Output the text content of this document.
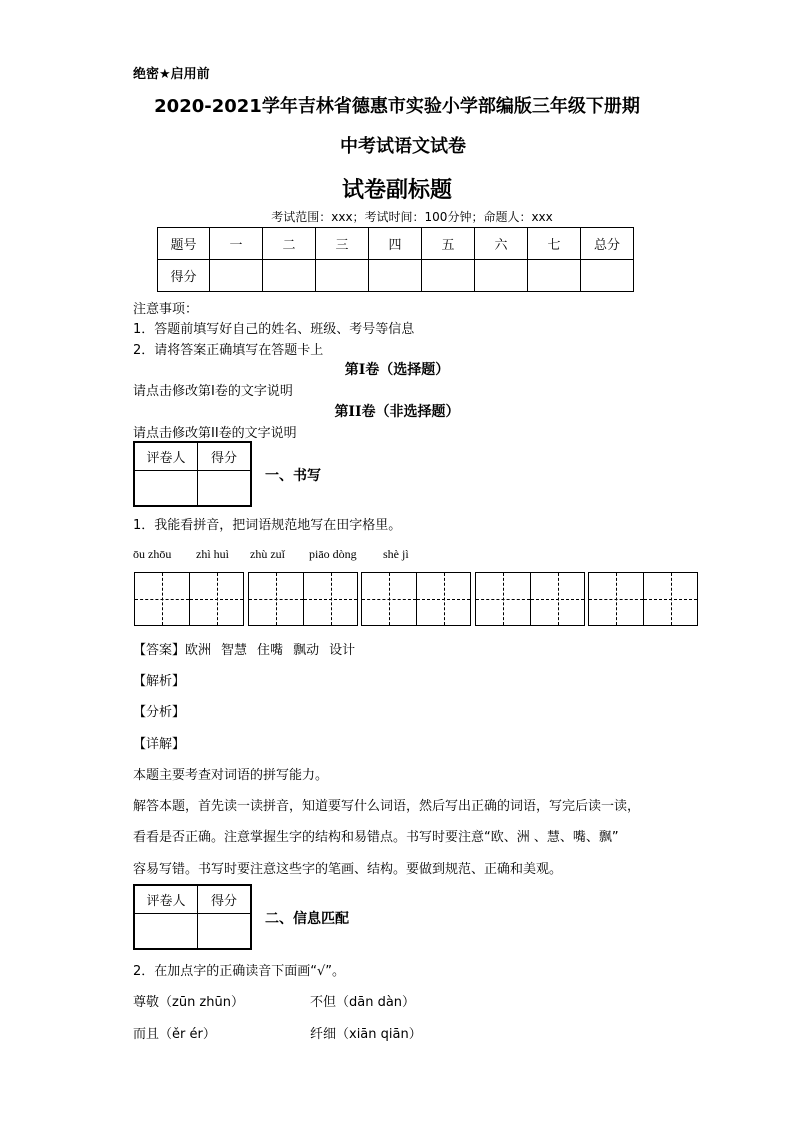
绝密★启用前
2020-2021学年吉林省德惠市实验小学部编版三年级下册期
中考试语文试卷
试卷副标题
考试范围：xxx；考试时间：100分钟；命题人：xxx
题号	一	二	三	四	五	六	七	总分
得分								
注意事项：
1．答题前填写好自己的姓名、班级、考号等信息
2．请将答案正确填写在答题卡上
第I卷（选择题）
请点击修改第I卷的文字说明
第II卷（非选择题）
请点击修改第II卷的文字说明
评卷人	得分

一、书写
1．我能看拼音，把词语规范地写在田字格里。
ōu zhōu zhì huì zhù zuǐ piāo dòng shè jì
【答案】欧洲 智慧 住嘴 飘动 设计
【解析】
【分析】
【详解】
本题主要考查对词语的拼写能力。
解答本题，首先读一读拼音，知道要写什么词语，然后写出正确的词语，写完后读一读，
看看是否正确。注意掌握生字的结构和易错点。书写时要注意“欧、洲 、慧、嘴、飘”
容易写错。书写时要注意这些字的笔画、结构。要做到规范、正确和美观。
评卷人	得分

二、信息匹配
2．在加点字的正确读音下面画“√”。
尊敬（zūn zhūn）	不但（dān dàn）
而且（ěr ér）	纤细（xiān qiān）
